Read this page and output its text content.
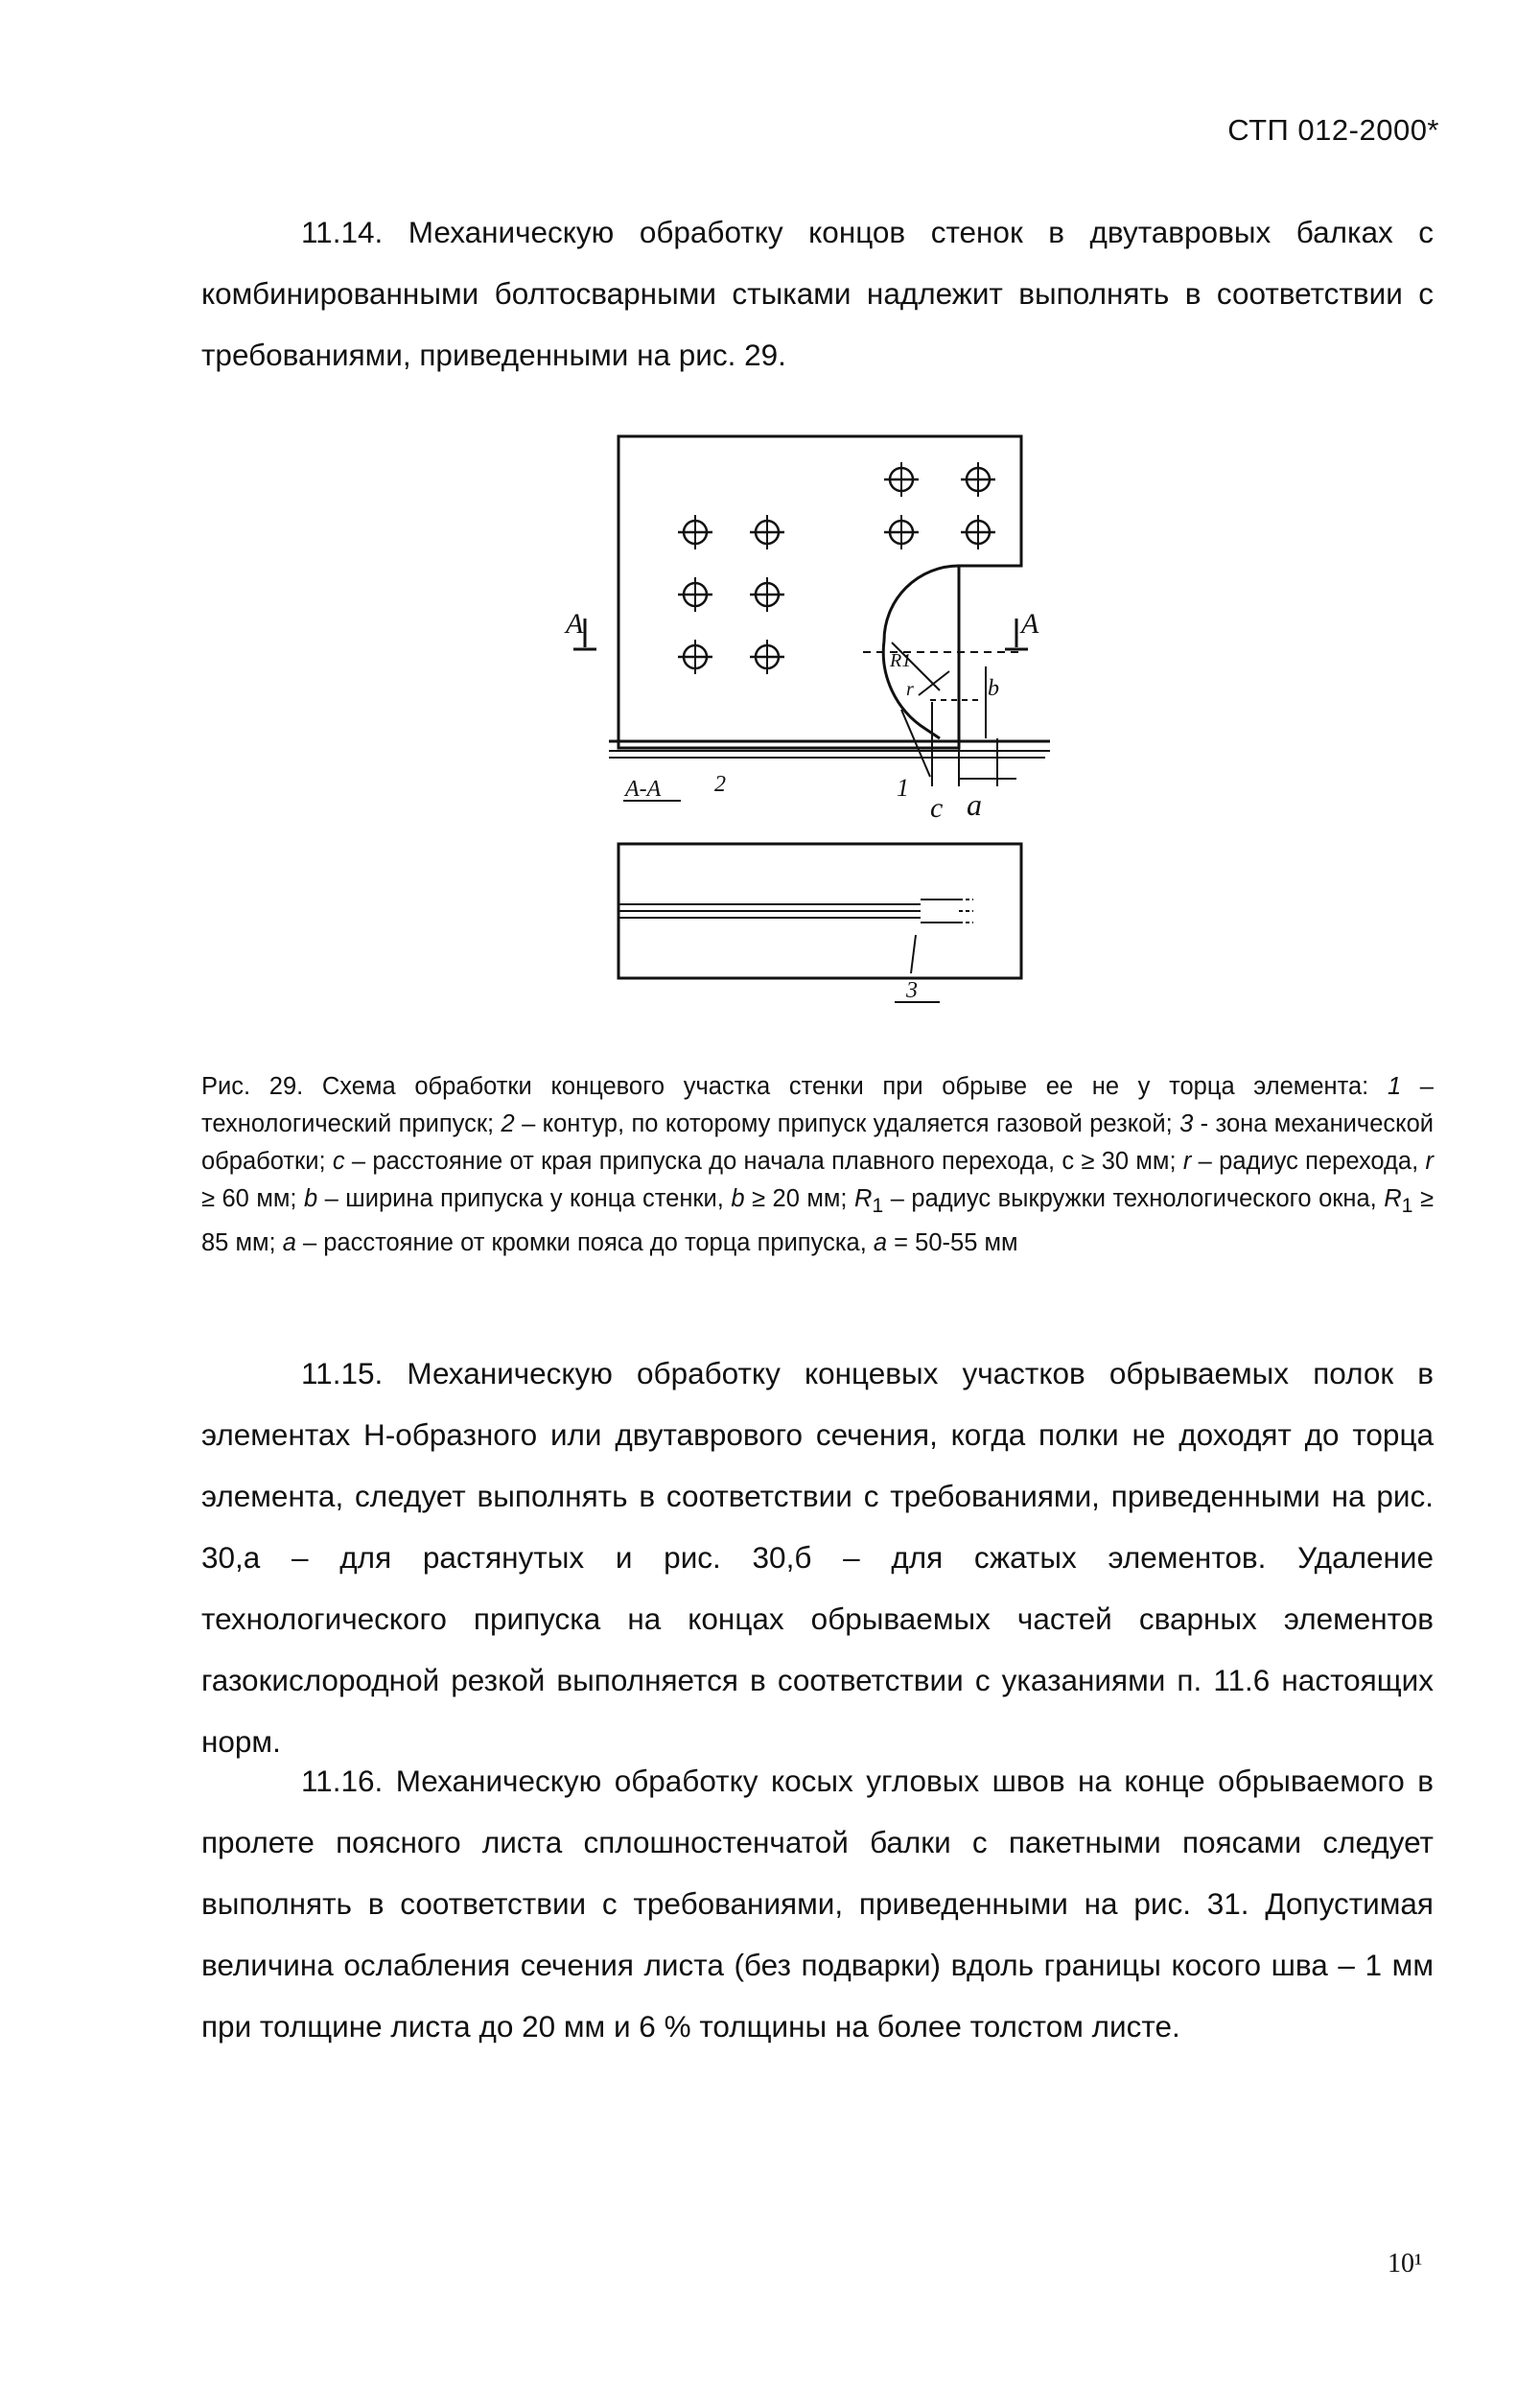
СТП 012-2000*
11.14. Механическую обработку концов стенок в двутавровых балках с комбинированными болтосварными стыками надлежит выполнять в соответствии с требованиями, приведенными на рис. 29.
А	А
А-А 2	1
с a
b
r
R1
3
Рис. 29. Схема обработки концевого участка стенки при обрыве ее не у торца элемента: 1 – технологический припуск; 2 – контур, по которому припуск удаляется газовой резкой; 3 - зона механической обработки; с – расстояние от края припуска до начала плавного перехода, с ≥ 30 мм; r – радиус перехода, r ≥ 60 мм; b – ширина припуска у конца стенки, b ≥ 20 мм; $R_1$ – радиус выкружки технологического окна, $R_1 \ge 85$ мм; a – расстояние от кромки пояса до торца припуска, a = 50-55 мм
11.15. Механическую обработку концевых участков обрываемых полок в элементах Н-образного или двутаврового сечения, когда полки не доходят до торца элемента, следует выполнять в соответствии с требованиями, приведенными на рис. 30,а – для растянутых и рис. 30,б – для сжатых элементов. Удаление технологического припуска на концах обрываемых частей сварных элементов газокислородной резкой выполняется в соответствии с указаниями п. 11.6 настоящих норм.
11.16. Механическую обработку косых угловых швов на конце обрываемого в пролете поясного листа сплошностенчатой балки с пакетными поясами следует выполнять в соответствии с требованиями, приведенными на рис. 31. Допустимая величина ослабления сечения листа (без подварки) вдоль границы косого шва – 1 мм при толщине листа до 20 мм и 6 % толщины на более толстом листе.
10¹
